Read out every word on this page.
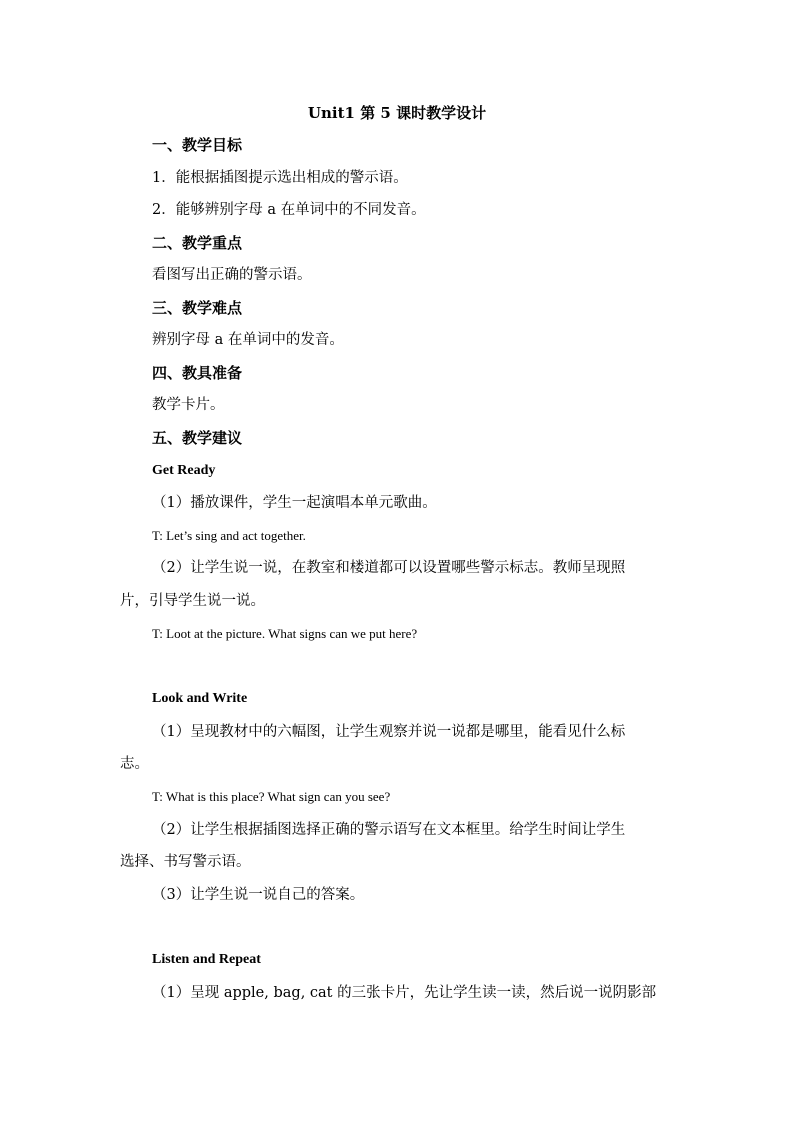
Unit1 第 5 课时教学设计
一、教学目标
1．能根据插图提示选出相成的警示语。
2．能够辨别字母 a 在单词中的不同发音。
二、教学重点
看图写出正确的警示语。
三、教学难点
辨别字母 a 在单词中的发音。
四、教具准备
教学卡片。
五、教学建议
Get Ready
（1）播放课件，学生一起演唱本单元歌曲。
T: Let’s sing and act together.
（2）让学生说一说，在教室和楼道都可以设置哪些警示标志。教师呈现照
片，引导学生说一说。
T: Loot at the picture. What signs can we put here?
Look and Write
（1）呈现教材中的六幅图，让学生观察并说一说都是哪里，能看见什么标
志。
T: What is this place? What sign can you see?
（2）让学生根据插图选择正确的警示语写在文本框里。给学生时间让学生
选择、书写警示语。
（3）让学生说一说自己的答案。
Listen and Repeat
（1）呈现 apple, bag, cat 的三张卡片，先让学生读一读，然后说一说阴影部
